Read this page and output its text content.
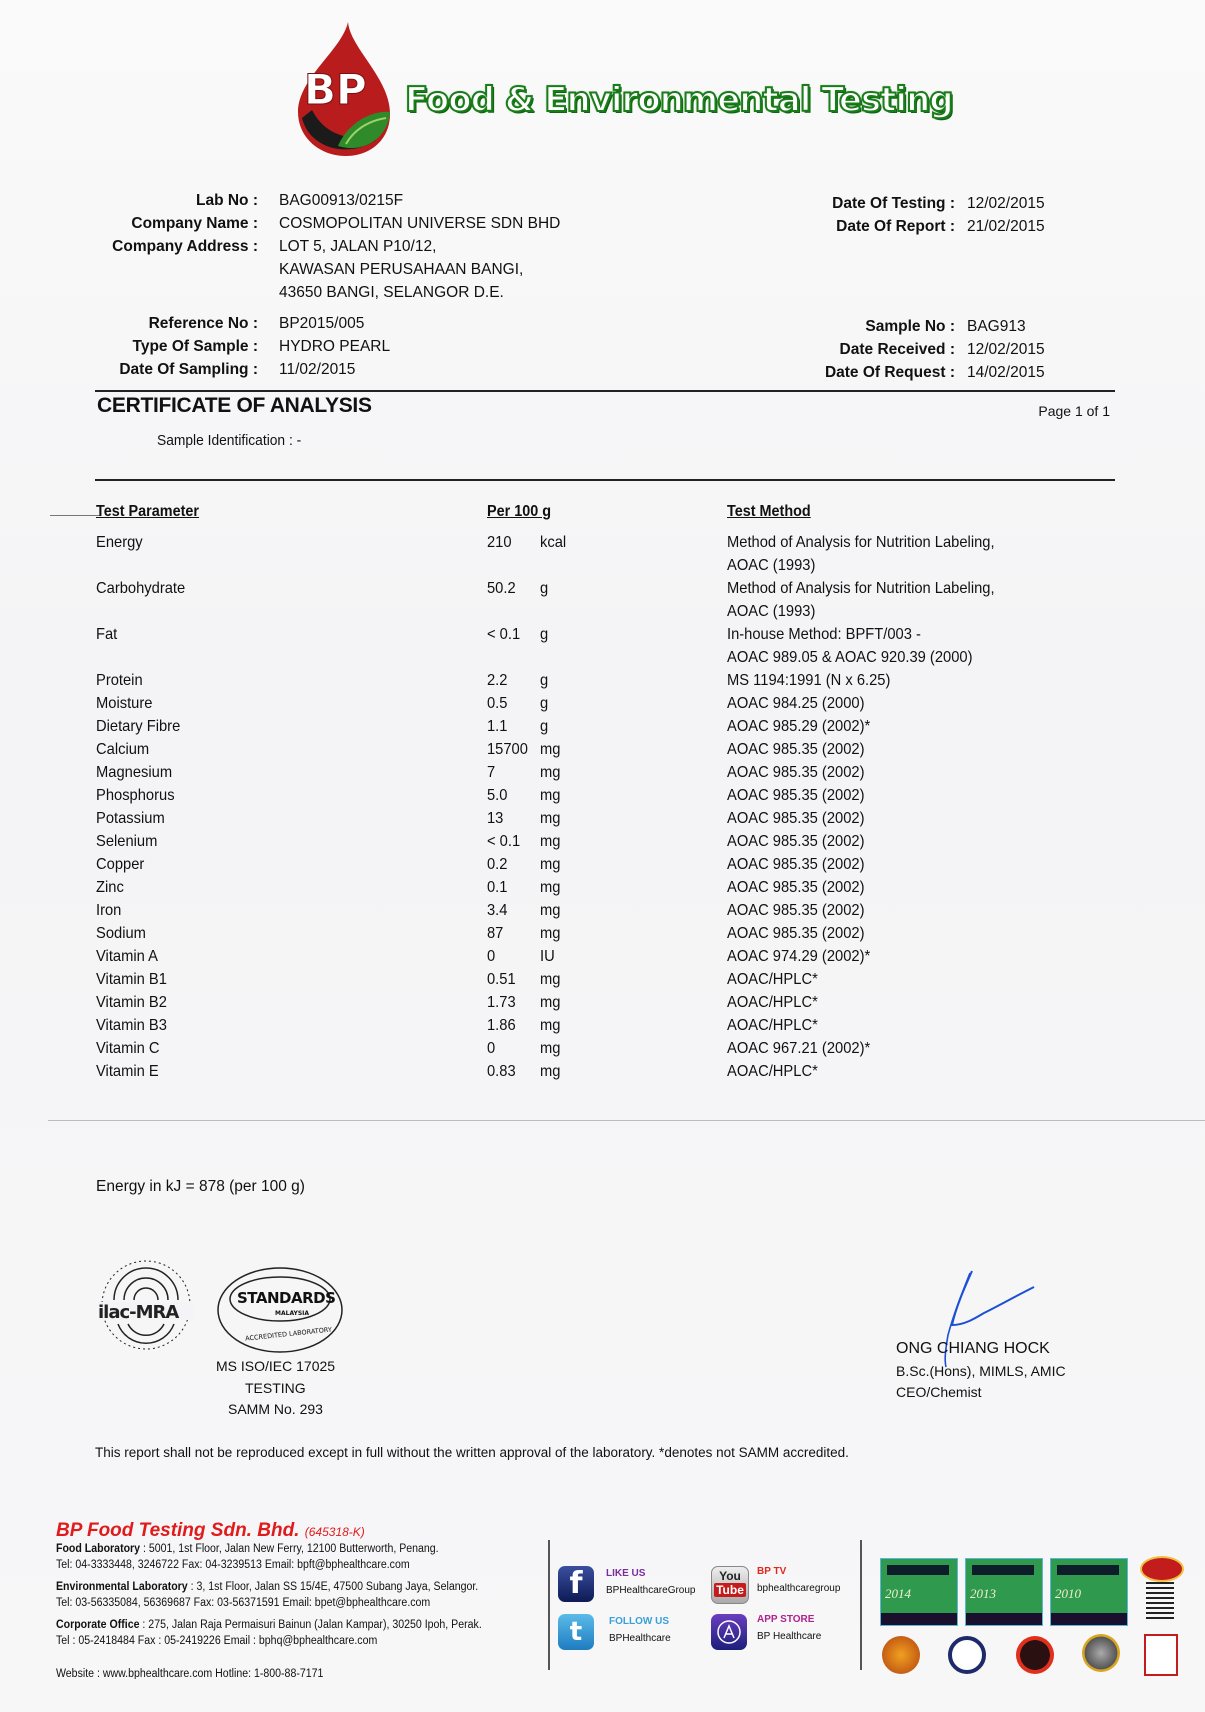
BP Food & Environmental Testing
Lab No : BAG00913/0215F
Company Name : COSMOPOLITAN UNIVERSE SDN BHD
Company Address : LOT 5, JALAN P10/12,
KAWASAN PERUSAHAAN BANGI,
43650 BANGI, SELANGOR D.E.
Reference No : BP2015/005
Type Of Sample : HYDRO PEARL
Date Of Sampling : 11/02/2015
Date Of Testing : 12/02/2015
Date Of Report : 21/02/2015
Sample No : BAG913
Date Received : 12/02/2015
Date Of Request : 14/02/2015
CERTIFICATE OF ANALYSIS	Page 1 of 1
Sample Identification : -
Test Parameter	Per 100 g	Test Method
Energy	210 kcal	Method of Analysis for Nutrition Labeling,
AOAC (1993)
Carbohydrate	50.2 g	Method of Analysis for Nutrition Labeling,
AOAC (1993)
Fat	< 0.1 g	In-house Method: BPFT/003 -
AOAC 989.05 & AOAC 920.39 (2000)
Protein	2.2 g	MS 1194:1991 (N x 6.25)
Moisture	0.5 g	AOAC 984.25 (2000)
Dietary Fibre	1.1 g	AOAC 985.29 (2002)*
Calcium	15700 mg	AOAC 985.35 (2002)
Magnesium	7	mg	AOAC 985.35 (2002)
Phosphorus	5.0 mg	AOAC 985.35 (2002)
Potassium	13 mg	AOAC 985.35 (2002)
Selenium	< 0.1 mg	AOAC 985.35 (2002)
Copper	0.2 mg	AOAC 985.35 (2002)
Zinc	0.1 mg	AOAC 985.35 (2002)
Iron	3.4 mg	AOAC 985.35 (2002)
Sodium	87 mg	AOAC 985.35 (2002)
Vitamin A	0	IU	AOAC 974.29 (2002)*
Vitamin B1	0.51 mg	AOAC/HPLC*
Vitamin B2	1.73 mg	AOAC/HPLC*
Vitamin B3	1.86 mg	AOAC/HPLC*
Vitamin C	0	mg	AOAC 967.21 (2002)*
Vitamin E	0.83 mg	AOAC/HPLC*
Energy in kJ = 878 (per 100 g)
ilac-MRA
STANDARDS
MALAYSIA
ACCREDITED LABORATORY
MS ISO/IEC 17025
TESTING
SAMM No. 293
ONG CHIANG HOCK
B.Sc.(Hons), MIMLS, AMIC
CEO/Chemist
This report shall not be reproduced except in full without the written approval of the laboratory. *denotes not SAMM accredited.
BP Food Testing Sdn. Bhd. (645318-K)
Food Laboratory : 5001, 1st Floor, Jalan New Ferry, 12100 Butterworth, Penang.
Tel: 04-3333448, 3246722 Fax: 04-3239513 Email: bpft@bphealthcare.com
Environmental Laboratory : 3, 1st Floor, Jalan SS 15/4E, 47500 Subang Jaya, Selangor.
Tel: 03-56335084, 56369687 Fax: 03-56371591 Email: bpet@bphealthcare.com
Corporate Office : 275, Jalan Raja Permaisuri Bainun (Jalan Kampar), 30250 Ipoh, Perak.
Tel : 05-2418484 Fax : 05-2419226 Email : bphq@bphealthcare.com
Website : www.bphealthcare.com Hotline: 1-800-88-7171
f	LIKE US
BPHealthcareGroup
You
Tube
BP TV
bphealthcaregroup
t	FOLLOW US
BPHealthcare
APP STORE
BP Healthcare
2014	2013	2010
